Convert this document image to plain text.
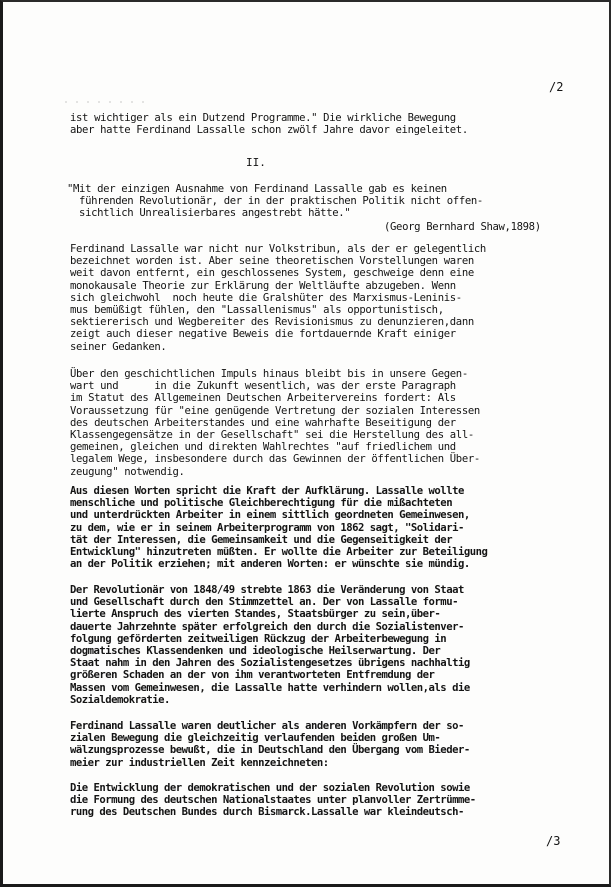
/2
ist wichtiger als ein Dutzend Programme." Die wirkliche Bewegung
aber hatte Ferdinand Lassalle schon zwölf Jahre davor eingeleitet.
II.
"Mit der einzigen Ausnahme von Ferdinand Lassalle gab es keinen
führenden Revolutionär, der in der praktischen Politik nicht offen-
sichtlich Unrealisierbares angestrebt hätte."
(Georg Bernhard Shaw,1898)
Ferdinand Lassalle war nicht nur Volkstribun, als der er gelegentlich
bezeichnet worden ist. Aber seine theoretischen Vorstellungen waren
weit davon entfernt, ein geschlossenes System, geschweige denn eine
monokausale Theorie zur Erklärung der Weltläufte abzugeben. Wenn
sich gleichwohl  noch heute die Gralshüter des Marxismus-Leninis-
mus bemüßigt fühlen, den "Lassallenismus" als opportunistisch,
sektiererisch und Wegbereiter des Revisionismus zu denunzieren,dann
zeigt auch dieser negative Beweis die fortdauernde Kraft einiger
seiner Gedanken.
Über den geschichtlichen Impuls hinaus bleibt bis in unsere Gegen-
wart und      in die Zukunft wesentlich, was der erste Paragraph
im Statut des Allgemeinen Deutschen Arbeitervereins fordert: Als
Voraussetzung für "eine genügende Vertretung der sozialen Interessen
des deutschen Arbeiterstandes und eine wahrhafte Beseitigung der
Klassengegensätze in der Gesellschaft" sei die Herstellung des all-
gemeinen, gleichen und direkten Wahlrechtes "auf friedlichem und
legalem Wege, insbesondere durch das Gewinnen der öffentlichen Über-
zeugung" notwendig.
Aus diesen Worten spricht die Kraft der Aufklärung. Lassalle wollte
menschliche und politische Gleichberechtigung für die mißachteten
und unterdrückten Arbeiter in einem sittlich geordneten Gemeinwesen,
zu dem, wie er in seinem Arbeiterprogramm von 1862 sagt, "Solidari-
tät der Interessen, die Gemeinsamkeit und die Gegenseitigkeit der
Entwicklung" hinzutreten müßten. Er wollte die Arbeiter zur Beteiligung
an der Politik erziehen; mit anderen Worten: er wünschte sie mündig.
Der Revolutionär von 1848/49 strebte 1863 die Veränderung von Staat
und Gesellschaft durch den Stimmzettel an. Der von Lassalle formu-
lierte Anspruch des vierten Standes, Staatsbürger zu sein,über-
dauerte Jahrzehnte später erfolgreich den durch die Sozialistenver-
folgung geförderten zeitweiligen Rückzug der Arbeiterbewegung in
dogmatisches Klassendenken und ideologische Heilserwartung. Der
Staat nahm in den Jahren des Sozialistengesetzes übrigens nachhaltig
größeren Schaden an der von ihm verantworteten Entfremdung der
Massen vom Gemeinwesen, die Lassalle hatte verhindern wollen,als die
Sozialdemokratie.
Ferdinand Lassalle waren deutlicher als anderen Vorkämpfern der so-
zialen Bewegung die gleichzeitig verlaufenden beiden großen Um-
wälzungsprozesse bewußt, die in Deutschland den Übergang vom Bieder-
meier zur industriellen Zeit kennzeichneten:
Die Entwicklung der demokratischen und der sozialen Revolution sowie
die Formung des deutschen Nationalstaates unter planvoller Zertrümme-
rung des Deutschen Bundes durch Bismarck.Lassalle war kleindeutsch-
/3
